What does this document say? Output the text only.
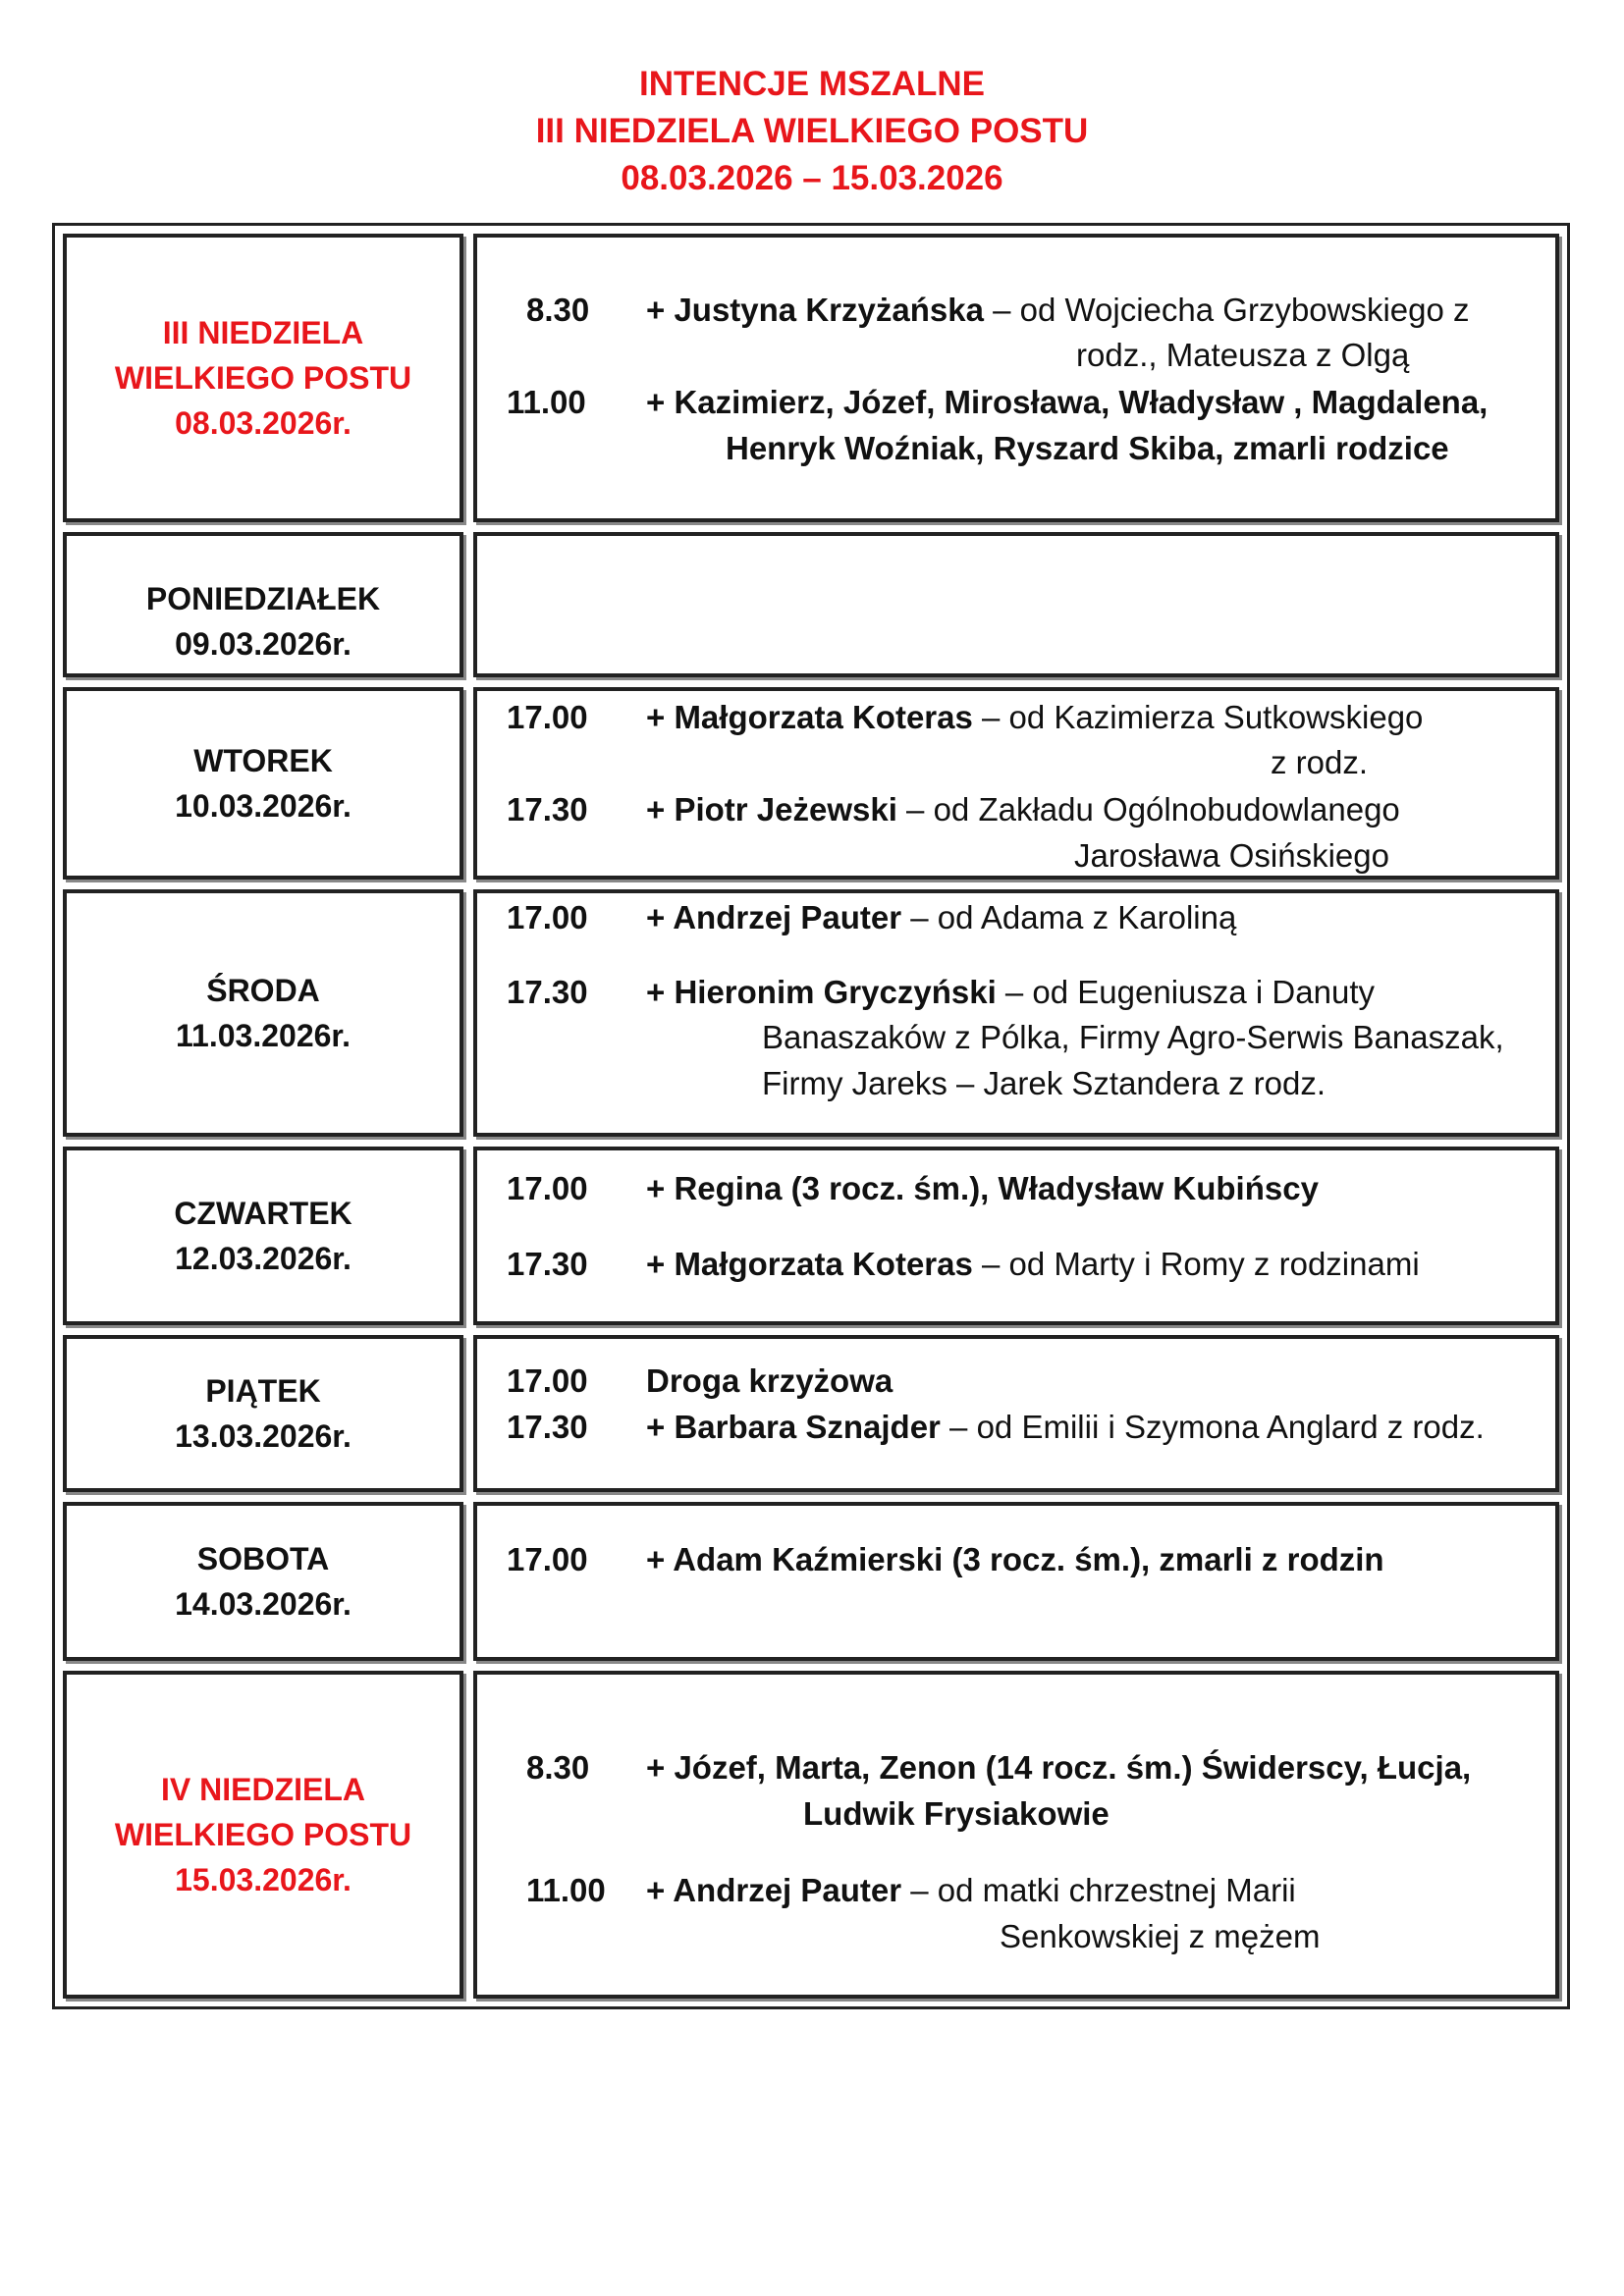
INTENCJE MSZALNE
III NIEDZIELA WIELKIEGO POSTU
08.03.2026 – 15.03.2026
III NIEDZIELA
WIELKIEGO POSTU
08.03.2026r.
8.30 + Justyna Krzyżańska – od Wojciecha Grzybowskiego z
rodz., Mateusza z Olgą
11.00 + Kazimierz, Józef, Mirosława, Władysław , Magdalena,
Henryk Woźniak, Ryszard Skiba, zmarli rodzice
PONIEDZIAŁEK
09.03.2026r.
WTOREK
10.03.2026r.
17.00 + Małgorzata Koteras – od Kazimierza Sutkowskiego
z rodz.
17.30 + Piotr Jeżewski – od Zakładu Ogólnobudowlanego
Jarosława Osińskiego
ŚRODA
11.03.2026r.
17.00 + Andrzej Pauter – od Adama z Karoliną
17.30 + Hieronim Gryczyński – od Eugeniusza i Danuty
Banaszaków z Pólka, Firmy Agro-Serwis Banaszak,
Firmy Jareks – Jarek Sztandera z rodz.
CZWARTEK
12.03.2026r.
17.00 + Regina (3 rocz. śm.), Władysław Kubińscy
17.30 + Małgorzata Koteras – od Marty i Romy z rodzinami
PIĄTEK
13.03.2026r.
17.00 Droga krzyżowa
17.30 + Barbara Sznajder – od Emilii i Szymona Anglard z rodz.
SOBOTA
14.03.2026r.
17.00 + Adam Kaźmierski (3 rocz. śm.), zmarli z rodzin
IV NIEDZIELA
WIELKIEGO POSTU
15.03.2026r.
8.30 + Józef, Marta, Zenon (14 rocz. śm.) Świderscy, Łucja,
Ludwik Frysiakowie
11.00 + Andrzej Pauter – od matki chrzestnej Marii
Senkowskiej z mężem
